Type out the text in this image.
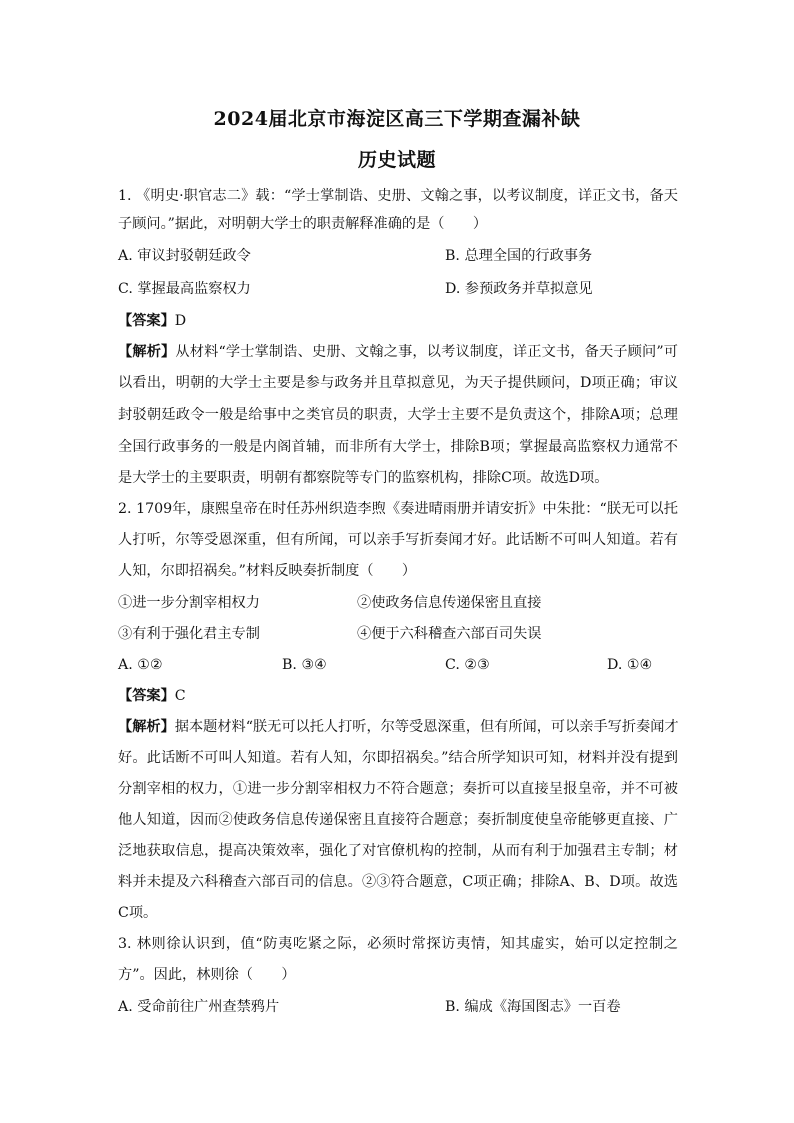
2024届北京市海淀区高三下学期查漏补缺
历史试题
1. 《明史·职官志二》载：“学士掌制诰、史册、文翰之事，以考议制度，详正文书，备天
子顾问。”据此，对明朝大学士的职责解释准确的是（　　）
A. 审议封驳朝廷政令	B. 总理全国的行政事务
C. 掌握最高监察权力	D. 参预政务并草拟意见
【答案】D
【解析】从材料“学士掌制诰、史册、文翰之事，以考议制度，详正文书，备天子顾问”可
以看出，明朝的大学士主要是参与政务并且草拟意见，为天子提供顾问，D项正确；审议
封驳朝廷政令一般是给事中之类官员的职责，大学士主要不是负责这个，排除A项；总理
全国行政事务的一般是内阁首辅，而非所有大学士，排除B项；掌握最高监察权力通常不
是大学士的主要职责，明朝有都察院等专门的监察机构，排除C项。故选D项。
2. 1709年，康熙皇帝在时任苏州织造李煦《奏进晴雨册并请安折》中朱批：“朕无可以托
人打听，尔等受恩深重，但有所闻，可以亲手写折奏闻才好。此话断不可叫人知道。若有
人知，尔即招祸矣。”材料反映奏折制度（　　）
①进一步分割宰相权力	②使政务信息传递保密且直接
③有利于强化君主专制	④便于六科稽查六部百司失误
A. ①②	B. ③④	C. ②③	D. ①④
【答案】C
【解析】据本题材料“朕无可以托人打听，尔等受恩深重，但有所闻，可以亲手写折奏闻才
好。此话断不可叫人知道。若有人知，尔即招祸矣。”结合所学知识可知，材料并没有提到
分割宰相的权力，①进一步分割宰相权力不符合题意；奏折可以直接呈报皇帝，并不可被
他人知道，因而②使政务信息传递保密且直接符合题意；奏折制度使皇帝能够更直接、广
泛地获取信息，提高决策效率，强化了对官僚机构的控制，从而有利于加强君主专制；材
料并未提及六科稽查六部百司的信息。②③符合题意，C项正确；排除A、B、D项。故选
C项。
3. 林则徐认识到，值“防夷吃紧之际，必须时常探访夷情，知其虚实，始可以定控制之
方”。因此，林则徐（　　）
A. 受命前往广州查禁鸦片	B. 编成《海国图志》一百卷
